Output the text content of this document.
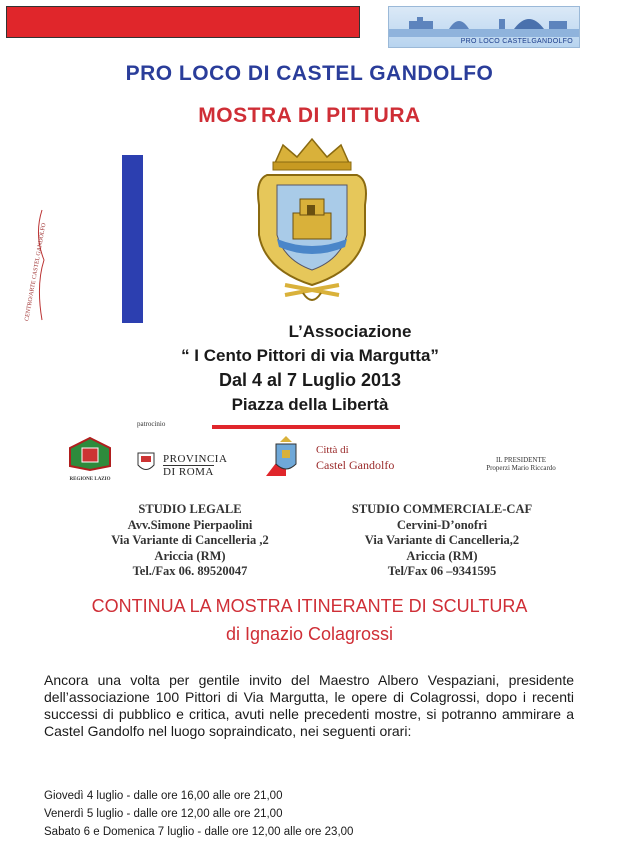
PRO LOCO CASTELGANDOLFO
PRO LOCO DI CASTEL GANDOLFO
MOSTRA DI PITTURA
CENTRO/ARTE CASTEL GANDOLFO
L’Associazione
“ I Cento Pittori di via Margutta”
Dal 4 al 7 Luglio 2013
Piazza della Libertà
patrocinio
REGIONE LAZIO
PROVINCIA
DI ROMA
Città di
Castel Gandolfo	IL PRESIDENTE
Properzi Mario Riccardo
STUDIO LEGALE
Avv.Simone Pierpaolini
Via Variante di Cancelleria ,2
Ariccia (RM)
Tel./Fax 06. 89520047
STUDIO COMMERCIALE-CAF
Cervini-D’onofri
Via Variante di Cancelleria,2
Ariccia (RM)
Tel/Fax 06 –9341595
CONTINUA LA MOSTRA ITINERANTE DI SCULTURA
di Ignazio Colagrossi
Ancora una volta per gentile invito del Maestro Albero Vespaziani, presidente dell’associazione 100 Pittori di Via Margutta, le opere di Colagrossi, dopo i recenti successi di pubblico e critica, avuti nelle precedenti mostre, si potranno ammirare a Castel Gandolfo nel luogo sopraindicato, nei seguenti orari:
Giovedì 4 luglio - dalle ore 16,00 alle ore 21,00
Venerdì 5 luglio - dalle ore 12,00 alle ore 21,00
Sabato 6 e Domenica 7 luglio - dalle ore 12,00 alle ore 23,00
